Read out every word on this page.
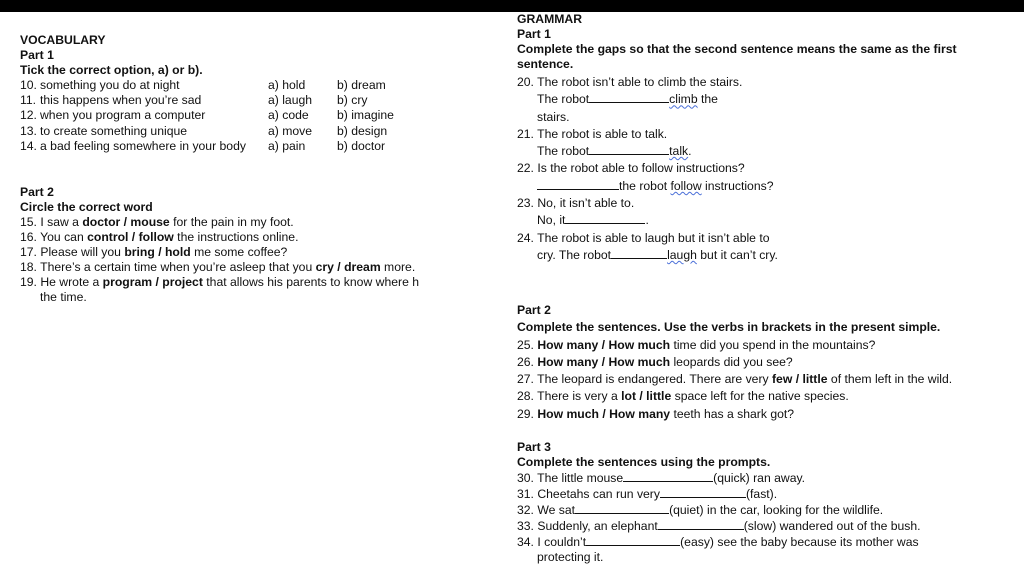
VOCABULARY
Part 1
Tick the correct option, a) or b).
10. something you do at night	a) hold	b) dream
11. this happens when you’re sad	a) laugh b) cry
12. when you program a computer	a) code b) imagine
13. to create something unique	a) move b) design
14. a bad feeling somewhere in your body a) pain	b) doctor
Part 2
Circle the correct word
15. I saw a doctor / mouse for the pain in my foot.
16. You can control / follow the instructions online.
17. Please will you bring / hold me some coffee?
18. There’s a certain time when you’re asleep that you cry / dream more.
19. He wrote a program / project that allows his parents to know where h
the time.
GRAMMAR
Part 1
Complete the gaps so that the second sentence means the same as the first sentence.
20. The robot isn’t able to climb the stairs.
The robot	climb the
stairs.
21. The robot is able to talk.
The robot	talk.
22. Is the robot able to follow instructions?
the robot follow instructions?
23. No, it isn’t able to.
No, it	.
24. The robot is able to laugh but it isn’t able to
cry. The robot	laugh but it can’t cry.
Part 2
Complete the sentences. Use the verbs in brackets in the present simple.
25. How many / How much time did you spend in the mountains?
26. How many / How much leopards did you see?
27. The leopard is endangered. There are very few / little of them left in the wild.
28. There is very a lot / little space left for the native species.
29. How much / How many teeth has a shark got?
Part 3
Complete the sentences using the prompts.
30. The little mouse	(quick) ran away.
31. Cheetahs can run very	(fast).
32. We sat	(quiet) in the car, looking for the wildlife.
33. Suddenly, an elephant	(slow) wandered out of the bush.
34. I couldn’t	(easy) see the baby because its mother was
protecting it.
